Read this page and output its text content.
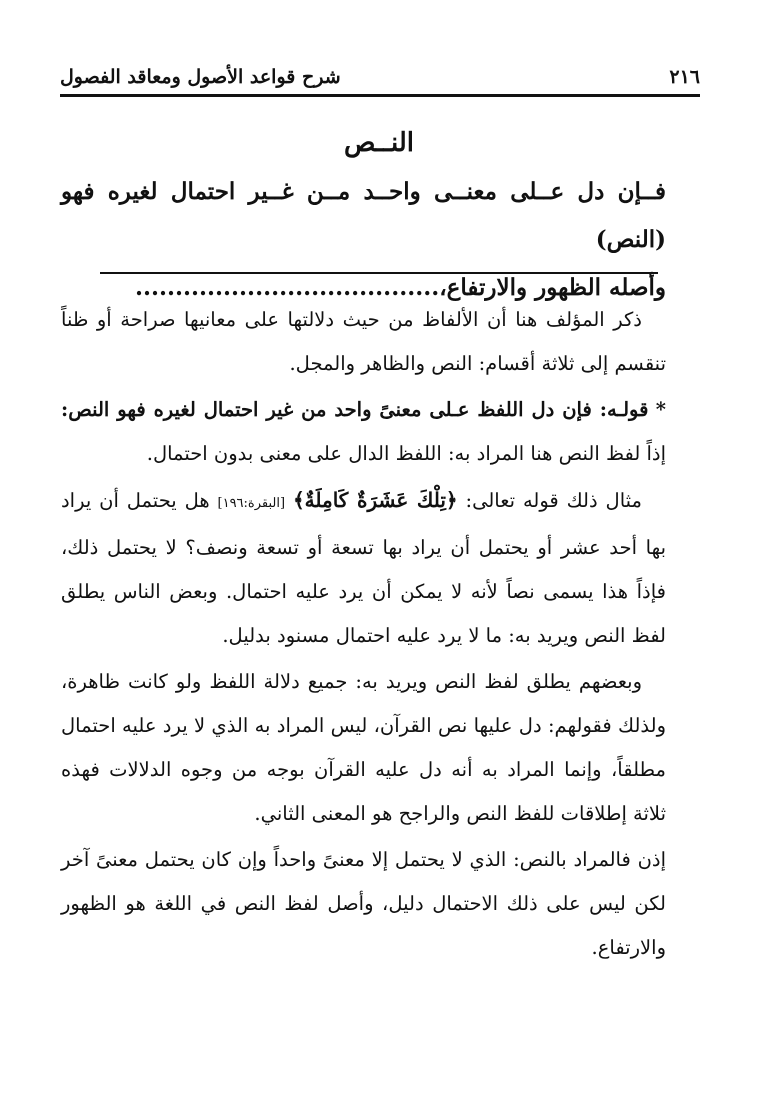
٢١٦
شرح قواعد الأصول ومعاقد الفصول
النــص
فــإن دل عــلى معنــى واحــد مــن غــير احتمال لغيره فهو (النص)
وأصله الظهور والارتفاع،......................................

ذكر المؤلف هنا أن الألفاظ من حيث دلالتها على معانيها صراحة أو ظناً تنقسم إلى ثلاثة أقسام: النص والظاهر والمجل.

* قولـه: فإن دل اللفظ عـلى معنىً واحد من غير احتمال لغيره فهو النص: إذاً لفظ النص هنا المراد به: اللفظ الدال على معنى بدون احتمال.

مثال ذلك قوله تعالى: ﴿تِلْكَ عَشَرَةٌ كَامِلَةٌ﴾ [البقرة:١٩٦] هل يحتمل أن يراد بها أحد عشر أو يحتمل أن يراد بها تسعة أو تسعة ونصف؟ لا يحتمل ذلك، فإذاً هذا يسمى نصاً لأنه لا يمكن أن يرد عليه احتمال. وبعض الناس يطلق لفظ النص ويريد به: ما لا يرد عليه احتمال مسنود بدليل.

وبعضهم يطلق لفظ النص ويريد به: جميع دلالة اللفظ ولو كانت ظاهرة، ولذلك فقولهم: دل عليها نص القرآن، ليس المراد به الذي لا يرد عليه احتمال مطلقاً، وإنما المراد به أنه دل عليه القرآن بوجه من وجوه الدلالات فهذه ثلاثة إطلاقات للفظ النص والراجح هو المعنى الثاني.

إذن فالمراد بالنص: الذي لا يحتمل إلا معنىً واحداً وإن كان يحتمل معنىً آخر لكن ليس على ذلك الاحتمال دليل، وأصل لفظ النص في اللغة هو الظهور والارتفاع.
